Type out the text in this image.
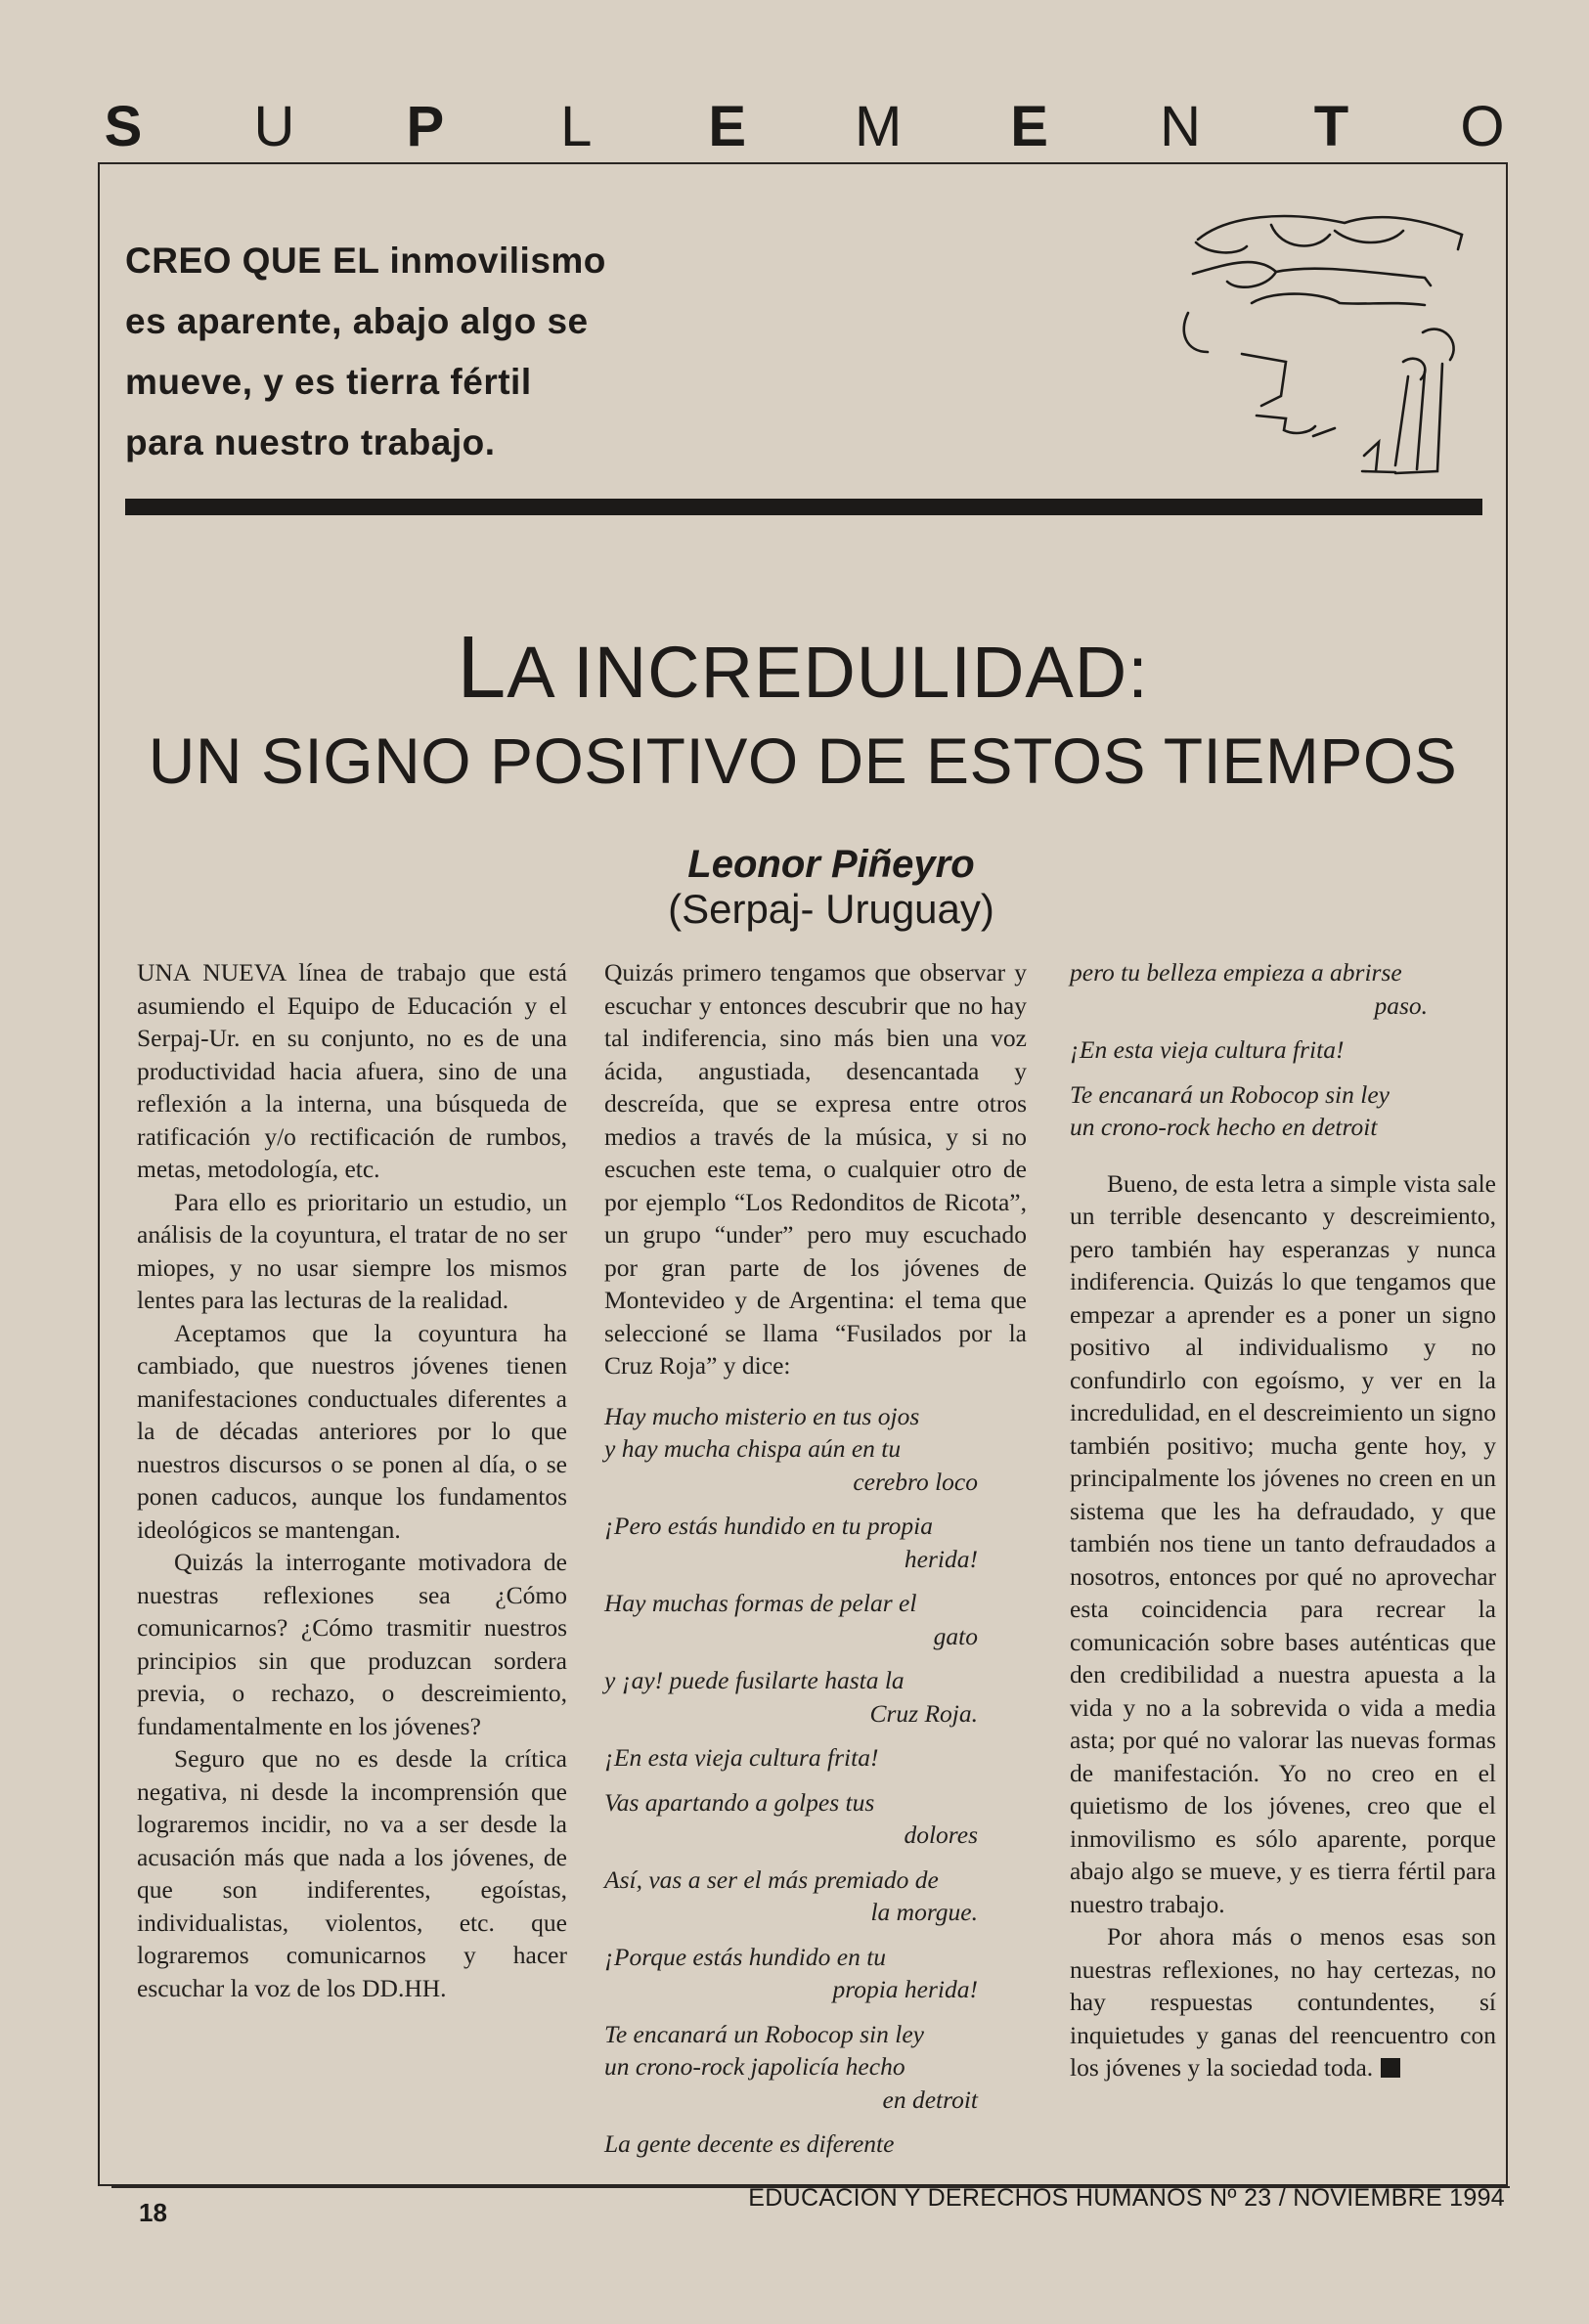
S U P L E M E N T O
CREO QUE EL inmovilismo
es aparente, abajo algo se
mueve, y es tierra fértil
para nuestro trabajo.
LA INCREDULIDAD:
UN SIGNO POSITIVO DE ESTOS TIEMPOS
Leonor Piñeyro
(Serpaj- Uruguay)

UNA NUEVA línea de trabajo que está asumiendo el Equipo de Educación y el Serpaj-Ur. en su conjunto, no es de una productividad hacia afuera, sino de una reflexión a la interna, una búsqueda de ratificación y/o rectificación de rumbos, metas, metodología, etc.

Para ello es prioritario un estudio, un análisis de la coyuntura, el tratar de no ser miopes, y no usar siempre los mismos lentes para las lecturas de la realidad.

Aceptamos que la coyuntura ha cambiado, que nuestros jóvenes tienen manifestaciones conductuales diferentes a la de décadas anteriores por lo que nuestros discursos o se ponen al día, o se ponen caducos, aunque los fundamentos ideológicos se mantengan.

Quizás la interrogante motivadora de nuestras reflexiones sea ¿Cómo comunicarnos? ¿Cómo trasmitir nuestros principios sin que produzcan sordera previa, o rechazo, o descreimiento, fundamentalmente en los jóvenes?

Seguro que no es desde la crítica negativa, ni desde la incomprensión que lograremos incidir, no va a ser desde la acusación más que nada a los jóvenes, de que son indiferentes, egoístas, individualistas, violentos, etc. que lograremos comunicarnos y hacer escuchar la voz de los DD.HH.

Quizás primero tengamos que observar y escuchar y entonces descubrir que no hay tal indiferencia, sino más bien una voz ácida, angustiada, desencantada y descreída, que se expresa entre otros medios a través de la música, y si no escuchen este tema, o cualquier otro de por ejemplo “Los Redonditos de Ricota”, un grupo “under” pero muy escuchado por gran parte de los jóvenes de Montevideo y de Argentina: el tema que seleccioné se llama “Fusilados por la Cruz Roja” y dice:

Hay mucho misterio en tus ojos

y hay mucha chispa aún en tu

cerebro loco

¡Pero estás hundido en tu propia

herida!

Hay muchas formas de pelar el

gato

y ¡ay! puede fusilarte hasta la

Cruz Roja.

¡En esta vieja cultura frita!

Vas apartando a golpes tus

dolores

Así, vas a ser el más premiado de

la morgue.

¡Porque estás hundido en tu

propia herida!

Te encanará un Robocop sin ley

un crono-rock japolicía hecho

en detroit

La gente decente es diferente

pero tu belleza empieza a abrirse

paso.

¡En esta vieja cultura frita!

Te encanará un Robocop sin ley

un crono-rock hecho en detroit

Bueno, de esta letra a simple vista sale un terrible desencanto y descreimiento, pero también hay esperanzas y nunca indiferencia. Quizás lo que tengamos que empezar a aprender es a poner un signo positivo al individualismo y no confundirlo con egoísmo, y ver en la incredulidad, en el descreimiento un signo también positivo; mucha gente hoy, y principalmente los jóvenes no creen en un sistema que les ha defraudado, y que también nos tiene un tanto defraudados a nosotros, entonces por qué no aprovechar esta coincidencia para recrear la comunicación sobre bases auténticas que den credibilidad a nuestra apuesta a la vida y no a la sobrevida o vida a media asta; por qué no valorar las nuevas formas de manifestación. Yo no creo en el quietismo de los jóvenes, creo que el inmovilismo es sólo aparente, porque abajo algo se mueve, y es tierra fértil para nuestro trabajo.

Por ahora más o menos esas son nuestras reflexiones, no hay certezas, no hay respuestas contundentes, sí inquietudes y ganas del reencuentro con los jóvenes y la sociedad toda.

18	EDUCACION Y DERECHOS HUMANOS Nº 23 / NOVIEMBRE 1994
